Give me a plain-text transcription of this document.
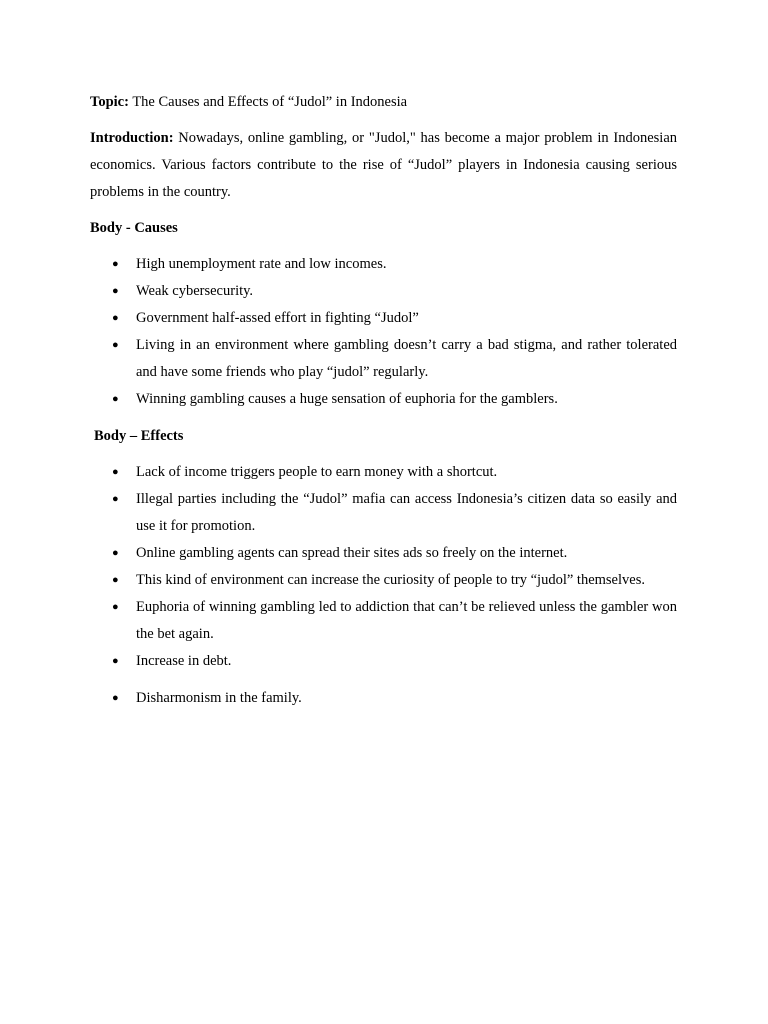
Topic: The Causes and Effects of “Judol” in Indonesia

Introduction: Nowadays, online gambling, or "Judol," has become a major problem in Indonesian economics. Various factors contribute to the rise of “Judol” players in Indonesia causing serious problems in the country.

Body - Causes

● High unemployment rate and low incomes.
● Weak cybersecurity.
● Government half-assed effort in fighting “Judol”
● Living in an environment where gambling doesn’t carry a bad stigma, and rather tolerated and have some friends who play “judol” regularly.
● Winning gambling causes a huge sensation of euphoria for the gamblers.

Body – Effects

● Lack of income triggers people to earn money with a shortcut.
● Illegal parties including the “Judol” mafia can access Indonesia’s citizen data so easily and use it for promotion.
● Online gambling agents can spread their sites ads so freely on the internet.
● This kind of environment can increase the curiosity of people to try “judol” themselves.
● Euphoria of winning gambling led to addiction that can’t be relieved unless the gambler won the bet again.
● Increase in debt.
● Disharmonism in the family.
